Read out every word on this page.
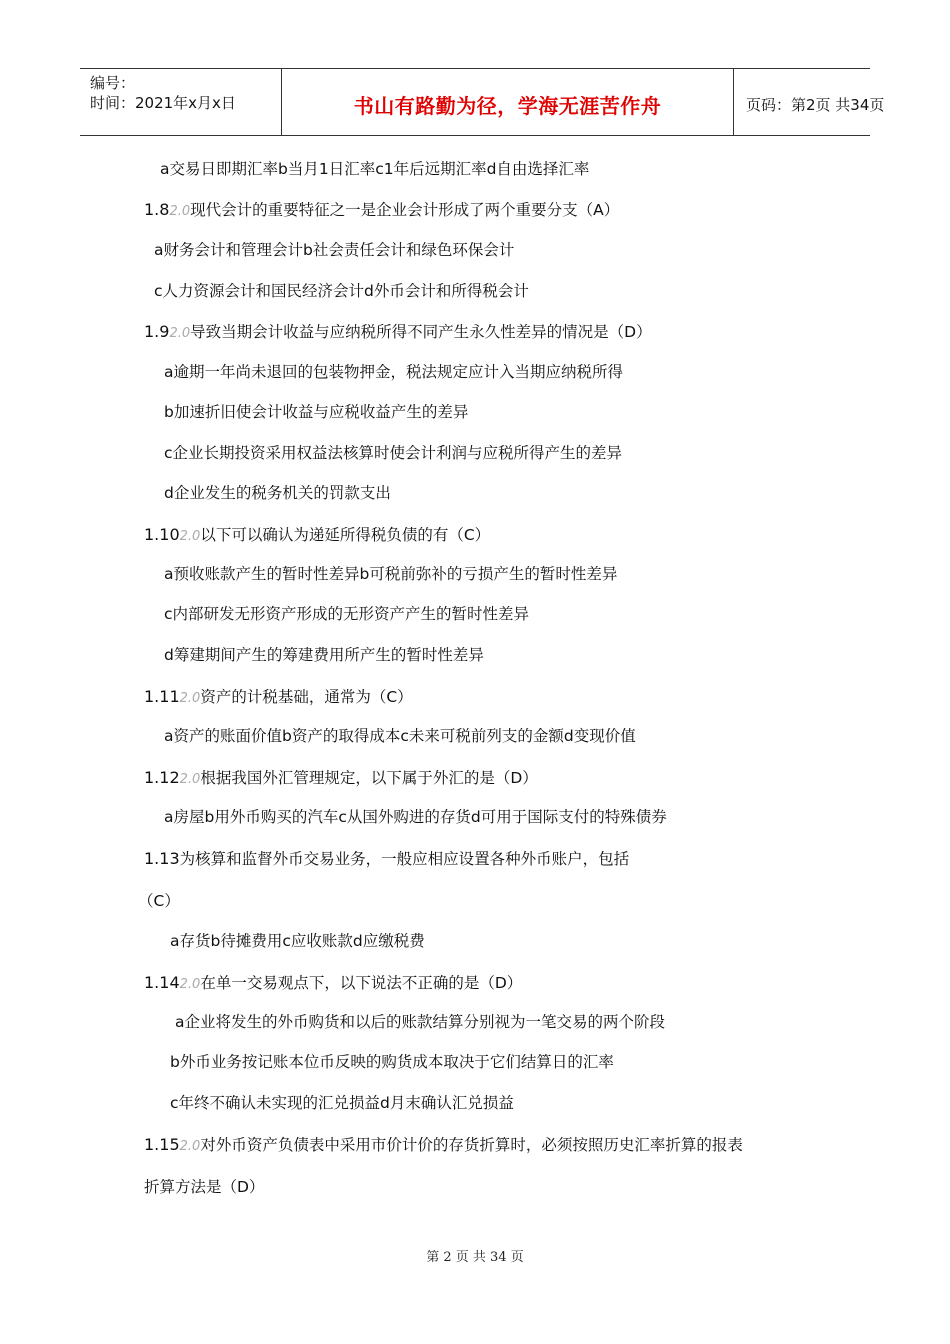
编号：
时间：2021年x月x日	书山有路勤为径，学海无涯苦作舟	页码：第2页 共34页
a交易日即期汇率b当月1日汇率c1年后远期汇率d自由选择汇率
1.82.0现代会计的重要特征之一是企业会计形成了两个重要分支（A）
a财务会计和管理会计b社会责任会计和绿色环保会计
c人力资源会计和国民经济会计d外币会计和所得税会计
1.92.0导致当期会计收益与应纳税所得不同产生永久性差异的情况是（D）
a逾期一年尚未退回的包装物押金，税法规定应计入当期应纳税所得
b加速折旧使会计收益与应税收益产生的差异
c企业长期投资采用权益法核算时使会计利润与应税所得产生的差异
d企业发生的税务机关的罚款支出
1.102.0以下可以确认为递延所得税负债的有（C）
a预收账款产生的暂时性差异b可税前弥补的亏损产生的暂时性差异
c内部研发无形资产形成的无形资产产生的暂时性差异
d筹建期间产生的筹建费用所产生的暂时性差异
1.112.0资产的计税基础，通常为（C）
a资产的账面价值b资产的取得成本c未来可税前列支的金额d变现价值
1.122.0根据我国外汇管理规定，以下属于外汇的是（D）
a房屋b用外币购买的汽车c从国外购进的存货d可用于国际支付的特殊债券
1.13为核算和监督外币交易业务，一般应相应设置各种外币账户，包括
（C）
a存货b待摊费用c应收账款d应缴税费
1.142.0在单一交易观点下，以下说法不正确的是（D）
a企业将发生的外币购货和以后的账款结算分别视为一笔交易的两个阶段
b外币业务按记账本位币反映的购货成本取决于它们结算日的汇率
c年终不确认未实现的汇兑损益d月末确认汇兑损益
1.152.0对外币资产负债表中采用市价计价的存货折算时，必须按照历史汇率折算的报表
折算方法是（D）
第 2 页 共 34 页
